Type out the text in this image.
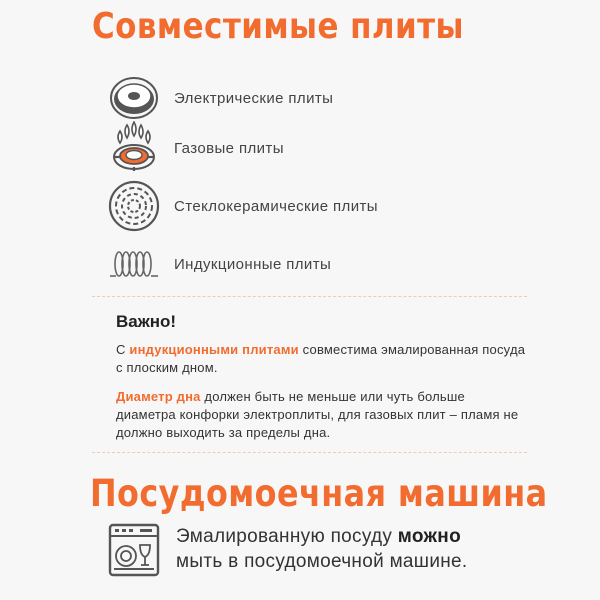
Совместимые плиты
Электрические плиты
Газовые плиты
Стеклокерамические плиты
Индукционные плиты
Важно!
С индукционными плитами совместима эмалированная посуда с плоским дном.
Диаметр дна должен быть не меньше или чуть больше диаметра конфорки электроплиты, для газовых плит – пламя не должно выходить за пределы дна.
Посудомоечная машина
Эмалированную посуду можно
мыть в посудомоечной машине.
